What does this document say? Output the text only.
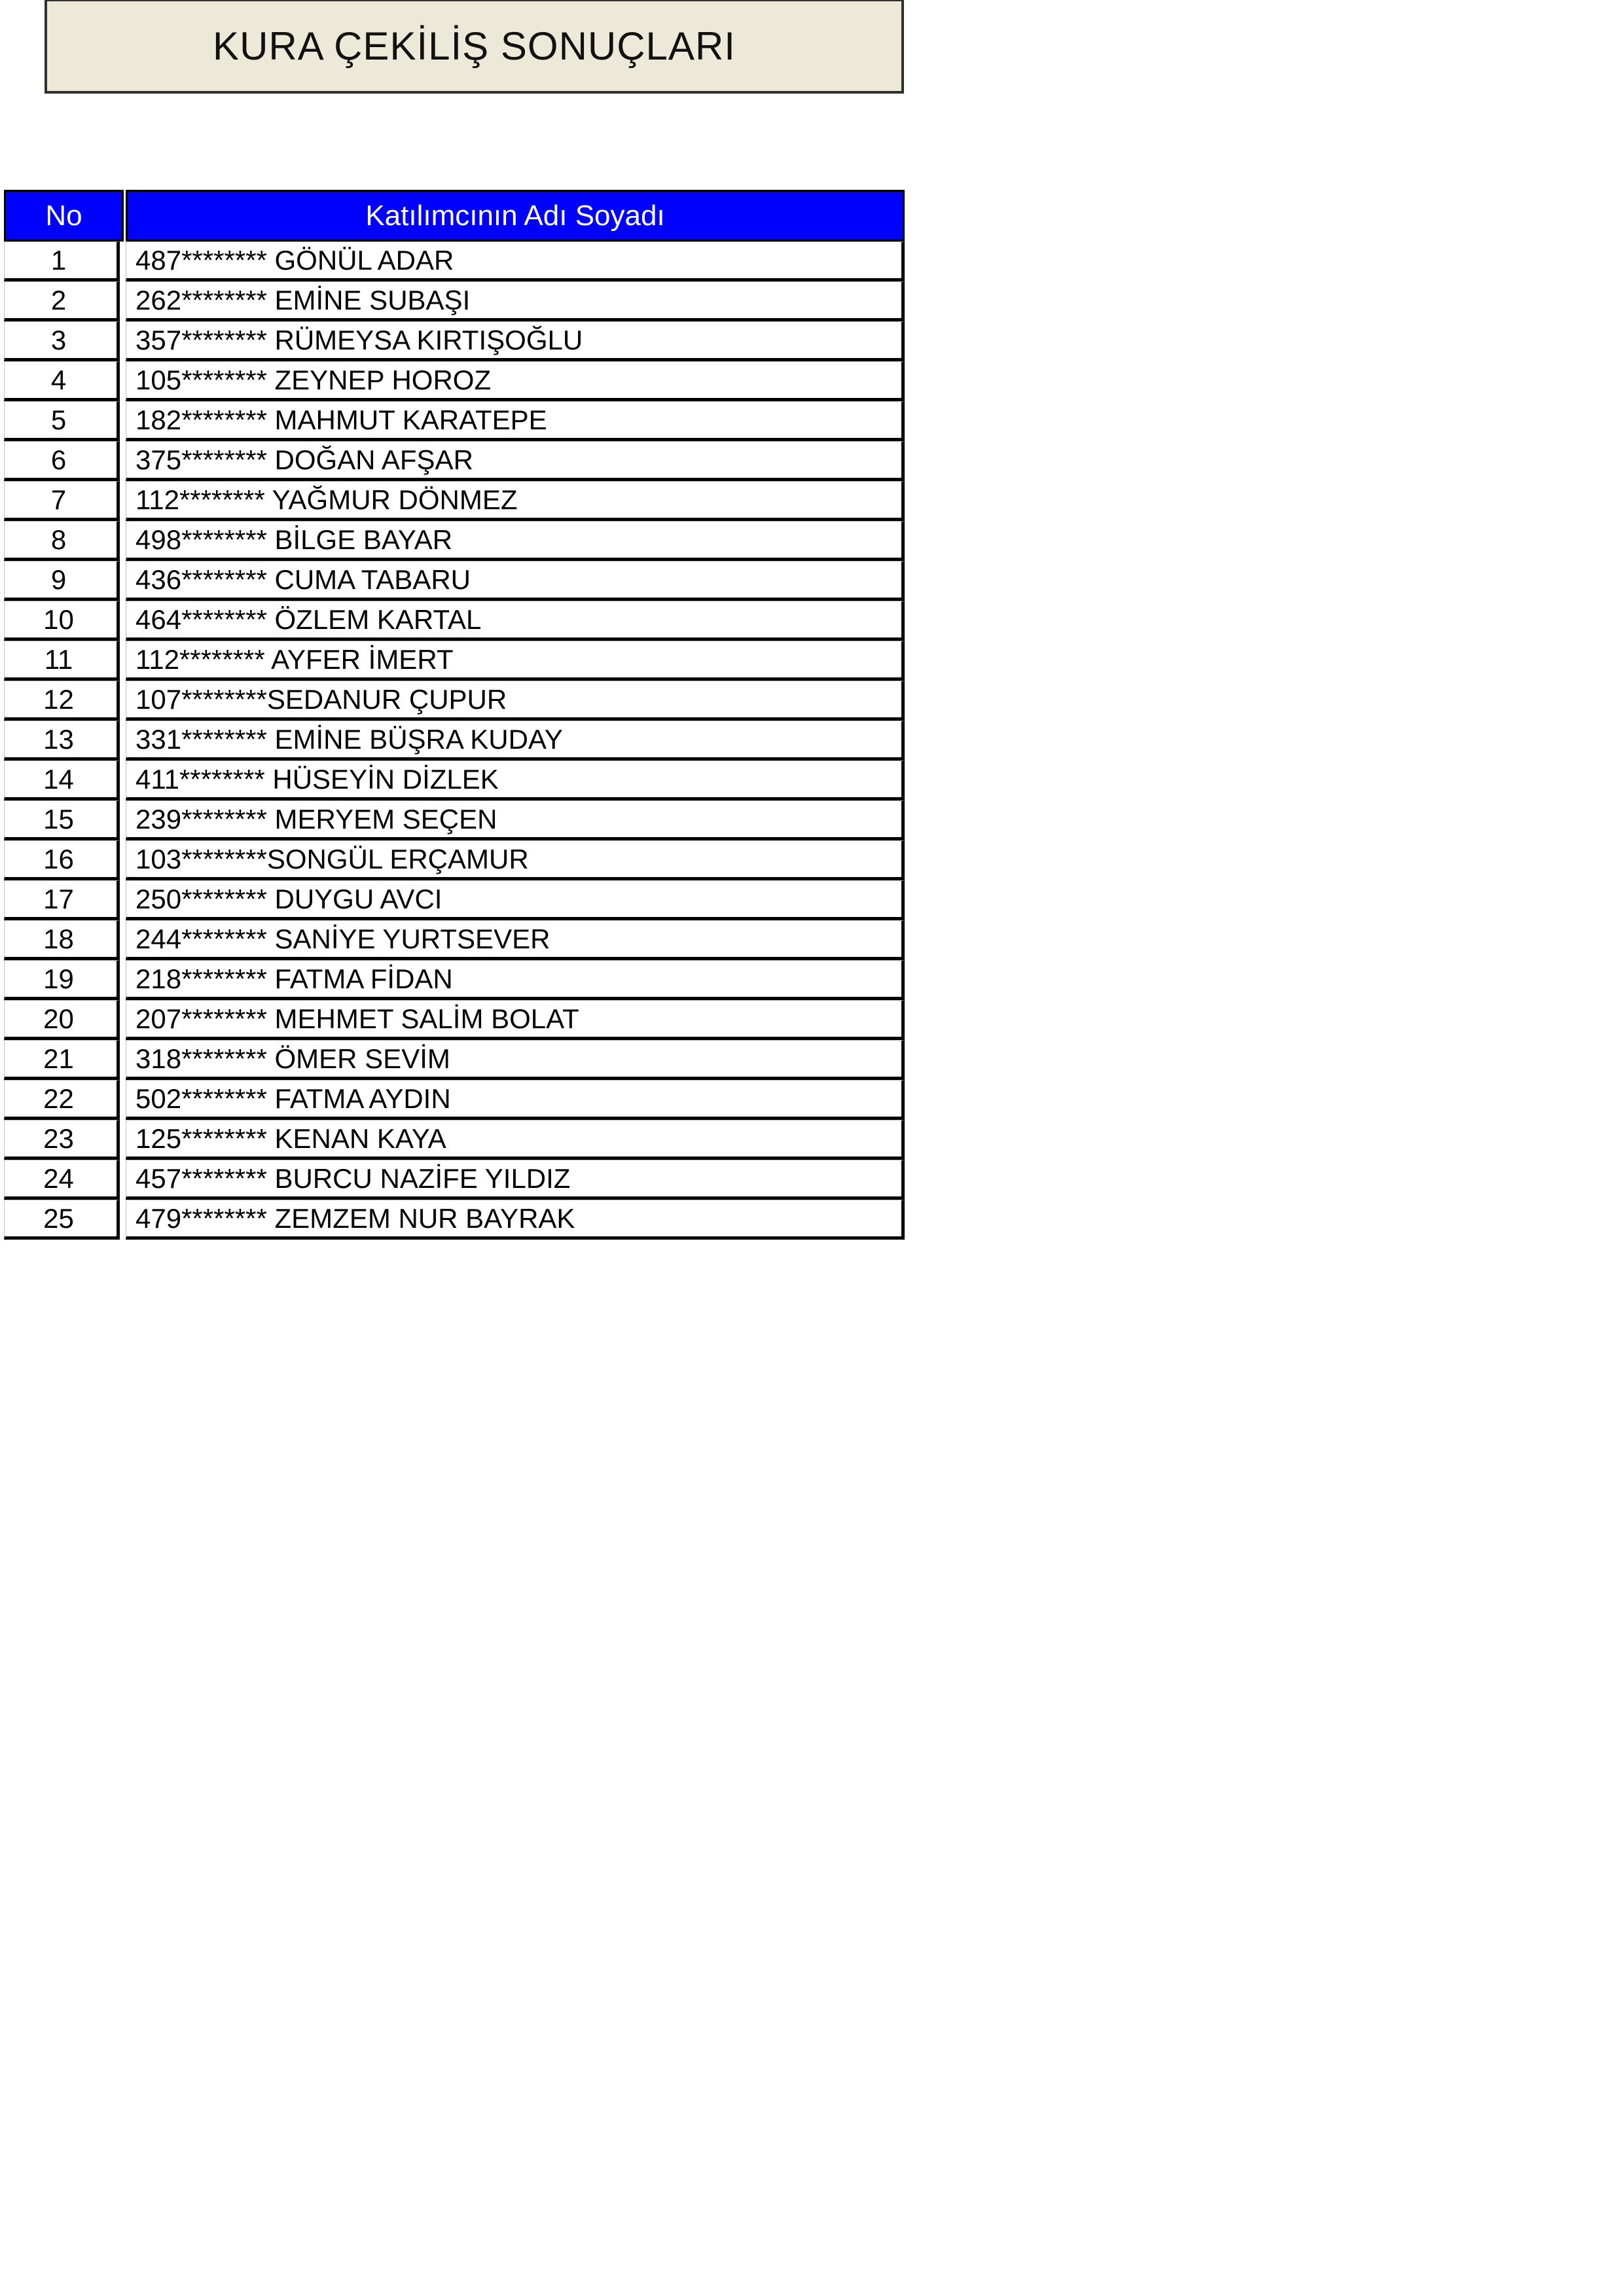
KURA ÇEKİLİŞ SONUÇLARI
No	Katılımcının Adı Soyadı
1	487******** GÖNÜL ADAR
2	262******** EMİNE SUBAŞI
3	357******** RÜMEYSA KIRTIŞOĞLU
4	105******** ZEYNEP HOROZ
5	182******** MAHMUT KARATEPE
6	375******** DOĞAN AFŞAR
7	112******** YAĞMUR DÖNMEZ
8	498******** BİLGE BAYAR
9	436******** CUMA TABARU
10	464******** ÖZLEM KARTAL
11	112******** AYFER İMERT
12	107********SEDANUR ÇUPUR
13	331******** EMİNE BÜŞRA KUDAY
14	411******** HÜSEYİN DİZLEK
15	239******** MERYEM SEÇEN
16	103********SONGÜL ERÇAMUR
17	250******** DUYGU AVCI
18	244******** SANİYE YURTSEVER
19	218******** FATMA FİDAN
20	207******** MEHMET SALİM BOLAT
21	318******** ÖMER SEVİM
22	502******** FATMA AYDIN
23	125******** KENAN KAYA
24	457******** BURCU NAZİFE YILDIZ
25	479******** ZEMZEM NUR BAYRAK
